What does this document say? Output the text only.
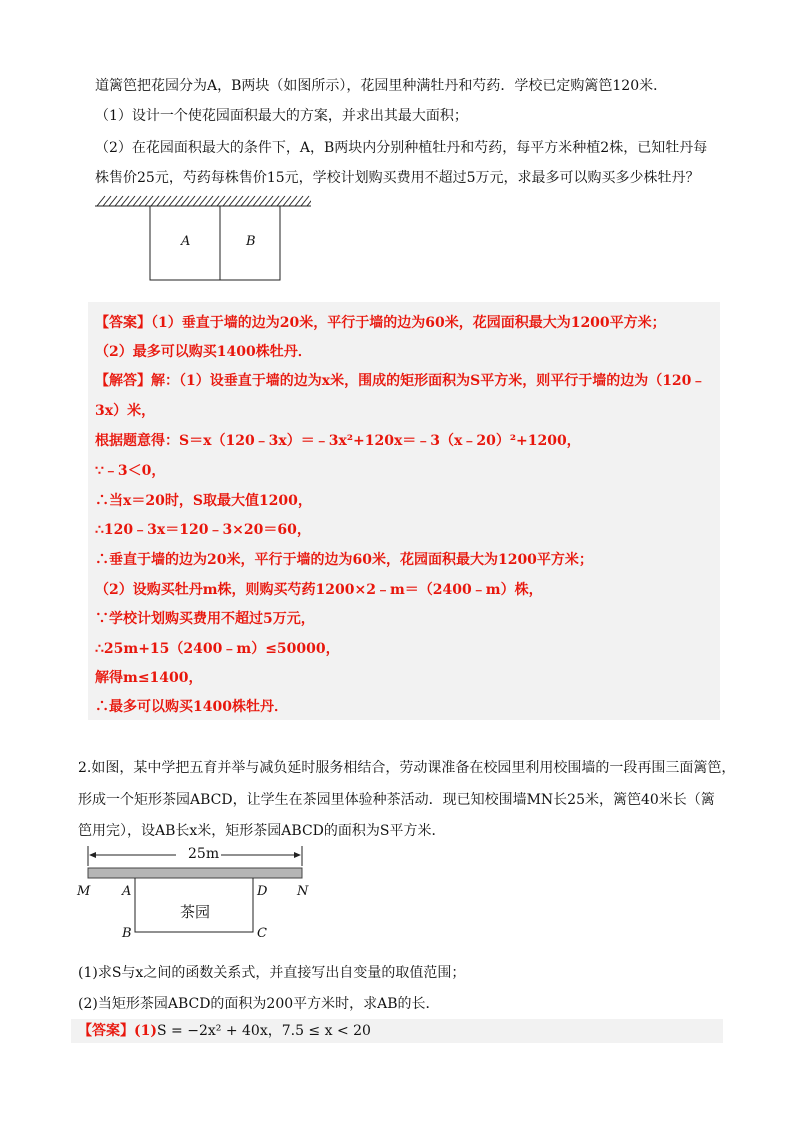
道篱笆把花园分为A，B两块（如图所示），花园里种满牡丹和芍药．学校已定购篱笆120米．
（1）设计一个使花园面积最大的方案，并求出其最大面积；
（2）在花园面积最大的条件下，A，B两块内分别种植牡丹和芍药，每平方米种植2株，已知牡丹每
株售价25元，芍药每株售价15元，学校计划购买费用不超过5万元，求最多可以购买多少株牡丹？
A	B
【答案】（1）垂直于墙的边为20米，平行于墙的边为60米，花园面积最大为1200平方米；
（2）最多可以购买1400株牡丹．
【解答】解：（1）设垂直于墙的边为x米，围成的矩形面积为S平方米，则平行于墙的边为（120﹣
3x）米，
根据题意得：S＝x（120﹣3x）＝﹣3x²+120x＝﹣3（x﹣20）²+1200，
∵﹣3＜0，
∴当x＝20时，S取最大值1200，
∴120﹣3x＝120﹣3×20＝60，
∴垂直于墙的边为20米，平行于墙的边为60米，花园面积最大为1200平方米；
（2）设购买牡丹m株，则购买芍药1200×2﹣m＝（2400﹣m）株，
∵学校计划购买费用不超过5万元，
∴25m+15（2400﹣m）≤50000，
解得m≤1400，
∴最多可以购买1400株牡丹．
2.如图，某中学把五育并举与减负延时服务相结合，劳动课准备在校园里利用校围墙的一段再围三面篱笆，
形成一个矩形茶园ABCD，让学生在茶园里体验种茶活动．现已知校围墙MN长25米，篱笆40米长（篱
笆用完），设AB长x米，矩形茶园ABCD的面积为S平方米．
25m
M A	D N
B	C
茶园
(1)求S与x之间的函数关系式，并直接写出自变量的取值范围；
(2)当矩形茶园ABCD的面积为200平方米时，求AB的长．
【答案】(1)S = −2x² + 40x，7.5 ≤ x < 20
